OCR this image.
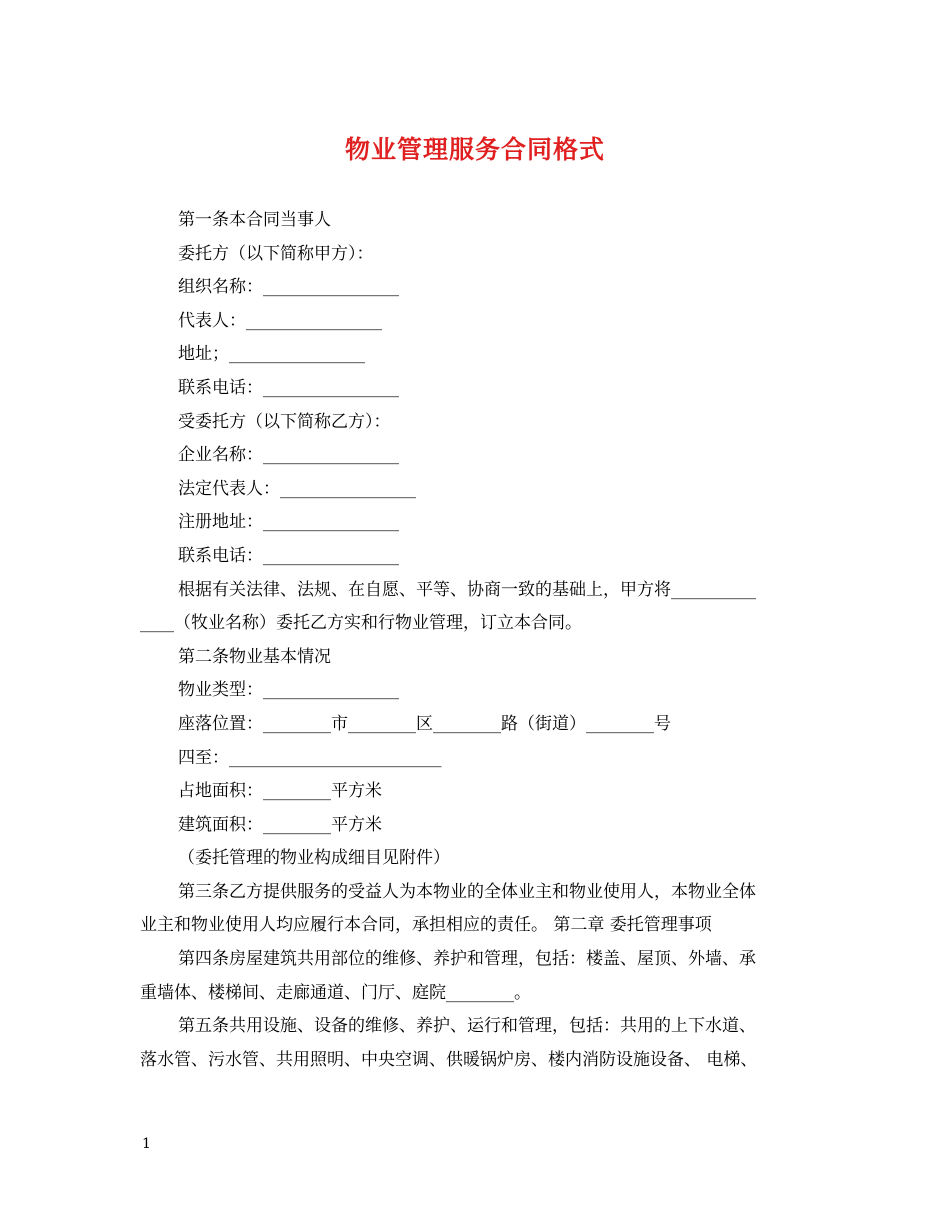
物业管理服务合同格式

第一条本合同当事人

委托方（以下简称甲方）：

组织名称：________________

代表人：________________

地址；________________

联系电话：________________

受委托方（以下简称乙方）：

企业名称：________________

法定代表人：________________

注册地址：________________

联系电话：________________

根据有关法律、法规、在自愿、平等、协商一致的基础上，甲方将__________

____（牧业名称）委托乙方实和行物业管理，订立本合同。

第二条物业基本情况

物业类型：________________

座落位置：________市________区________路（街道）________号

四至：_________________________

占地面积：________平方米

建筑面积：________平方米

（委托管理的物业构成细目见附件）

第三条乙方提供服务的受益人为本物业的全体业主和物业使用人，本物业全体

业主和物业使用人均应履行本合同，承担相应的责任。 第二章 委托管理事项

第四条房屋建筑共用部位的维修、养护和管理，包括：楼盖、屋顶、外墙、承

重墙体、楼梯间、走廊通道、门厅、庭院________。

第五条共用设施、设备的维修、养护、运行和管理，包括：共用的上下水道、

落水管、污水管、共用照明、中央空调、供暖锅炉房、楼内消防设施设备、 电梯、

1
